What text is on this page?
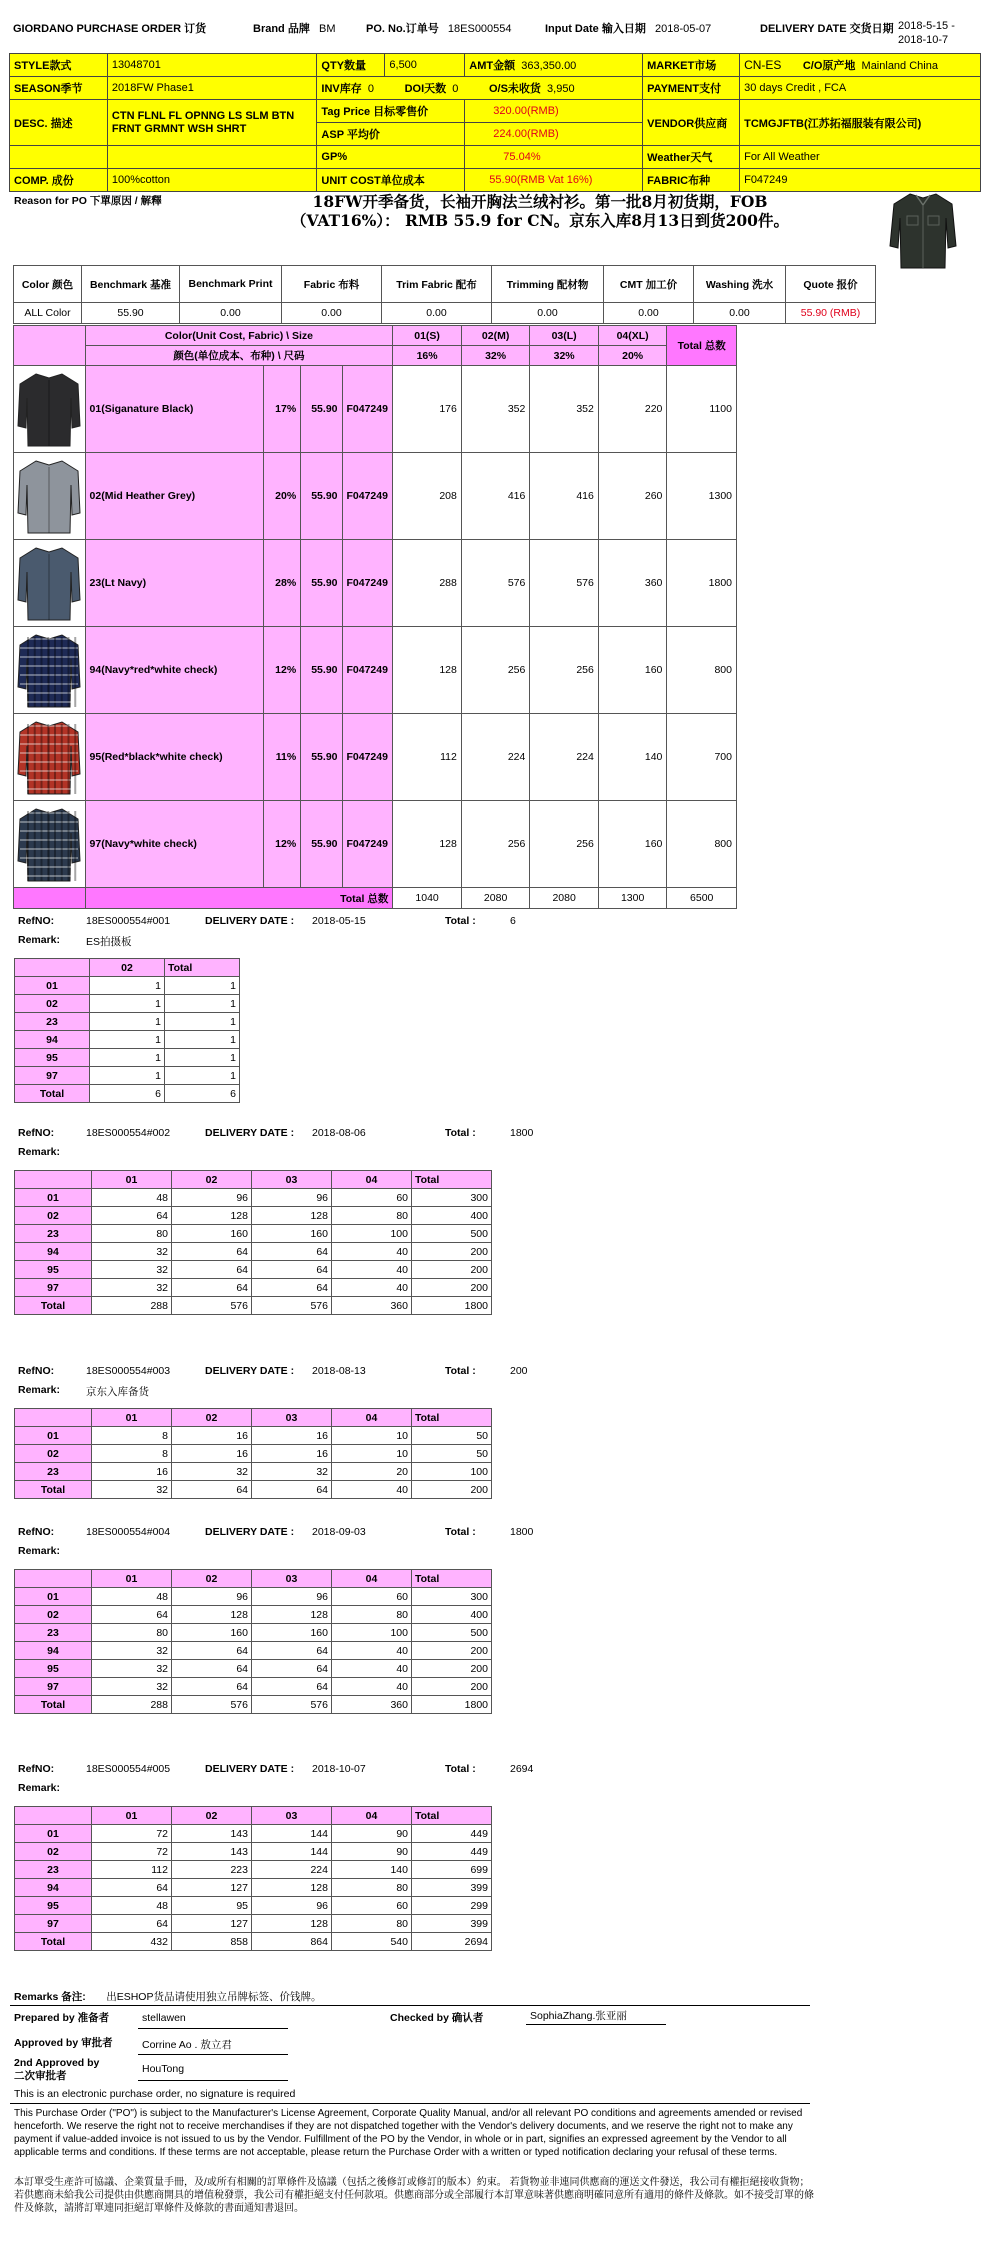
GIORDANO PURCHASE ORDER 订货	Brand 品牌 BM	PO. No.订单号 18ES000554	Input Date 输入日期 2018-05-07	DELIVERY DATE 交货日期 2018-5-15 -
2018-10-7
STYLE款式	13048701	QTY数量	6,500	AMT金额 363,350.00	MARKET市场	CN-ES C/O原产地 Mainland China
SEASON季节	2018FW Phase1	INV库存 0 DOI天数 0 O/S未收货 3,950			PAYMENT支付	30 days Credit , FCA
DESC. 描述	CTN FLNL FL OPNNG LS SLM BTN
FRNT GRMNT WSH SHRT	Tag Price 目标零售价		320.00(RMB)	VENDOR供应商	TCMGJFTB(江苏拓福服装有限公司)
		ASP 平均价		224.00(RMB)		
		GP%		75.04%	Weather天气	For All Weather
COMP. 成份	100%cotton	UNIT COST单位成本		55.90(RMB Vat 16%)	FABRIC布种	F047249
Reason for PO 下單原因 / 解釋	18FW开季备货，长袖开胸法兰绒衬衫。第一批8月初货期，FOB
（VAT16%）： RMB 55.9 for CN。京东入库8月13日到货200件。
Color 颜色	Benchmark 基准	Benchmark Print	Fabric 布料	Trim Fabric 配布	Trimming 配材物	CMT 加工价	Washing 洗水	Quote 报价
ALL Color	55.90	0.00	0.00	0.00	0.00	0.00	0.00	55.90 (RMB)
	Color(Unit Cost, Fabric) \ Size				01(S)	02(M)	03(L)	04(XL)	Total 总数
	颜色(单位成本、布种) \ 尺码				16%	32%	32%	20%	

	01(Siganature Black)	17%	55.90	F047249	176	352	352	220	1100

	02(Mid Heather Grey)	20%	55.90	F047249	208	416	416	260	1300

	23(Lt Navy)	28%	55.90	F047249	288	576	576	360	1800

	94(Navy*red*white check)	12%	55.90	F047249	128	256	256	160	800

	95(Red*black*white check)	11%	55.90	F047249	112	224	224	140	700

	97(Navy*white check)	12%	55.90	F047249	128	256	256	160	800
	Total 总数				1040	2080	2080	1300	6500
RefNO:	18ES000554#001	DELIVERY DATE : 2018-05-15	Total :	6
Remark: ES拍摄板
	02	Total
01	1	1
02	1	1
23	1	1
94	1	1
95	1	1
97	1	1
Total	6	6
RefNO:	18ES000554#002	DELIVERY DATE : 2018-08-06	Total :	1800
Remark:
	01	02	03	04	Total
01	48	96	96	60	300
02	64	128	128	80	400
23	80	160	160	100	500
94	32	64	64	40	200
95	32	64	64	40	200
97	32	64	64	40	200
Total	288	576	576	360	1800
RefNO:	18ES000554#003	DELIVERY DATE : 2018-08-13	Total :	200
Remark: 京东入库备货
	01	02	03	04	Total
01	8	16	16	10	50
02	8	16	16	10	50
23	16	32	32	20	100
Total	32	64	64	40	200
RefNO:	18ES000554#004	DELIVERY DATE : 2018-09-03	Total :	1800
Remark:
	01	02	03	04	Total
01	48	96	96	60	300
02	64	128	128	80	400
23	80	160	160	100	500
94	32	64	64	40	200
95	32	64	64	40	200
97	32	64	64	40	200
Total	288	576	576	360	1800
RefNO:	18ES000554#005	DELIVERY DATE : 2018-10-07	Total :	2694
Remark:
	01	02	03	04	Total
01	72	143	144	90	449
02	72	143	144	90	449
23	112	223	224	140	699
94	64	127	128	80	399
95	48	95	96	60	299
97	64	127	128	80	399
Total	432	858	864	540	2694
Remarks 备注: 出ESHOP货品请使用独立吊牌标签、价钱牌。
Prepared by 准备者	stellawen	Checked by 确认者	SophiaZhang.张亚丽
Approved by 审批者	Corrine Ao . 敖立君
2nd Approved by
二次审批者
HouTong
This is an electronic purchase order, no signature is required
This Purchase Order ("PO") is subject to the Manufacturer's License Agreement, Corporate Quality Manual, and/or all relevant PO conditions and agreements amended or revised henceforth. We reserve the right not to receive merchandises if they are not dispatched together with the Vendor's delivery documents, and we reserve the right not to make any payment if value-added invoice is not issued to us by the Vendor. Fulfillment of the PO by the Vendor, in whole or in part, signifies an expressed agreement by the Vendor to all applicable terms and conditions. If these terms are not acceptable, please return the Purchase Order with a written or typed notification declaring your refusal of these terms.
本訂單受生產許可協議、企業質量手冊，及/或所有相關的訂單條件及協議（包括之後修訂或修訂的版本）約束。 若貨物並非連同供應商的運送文件發送，我公司有權拒絕接收貨物；若供應商未給我公司提供由供應商開具的增值稅發票，我公司有權拒絕支付任何款項。供應商部分或全部履行本訂單意味著供應商明確同意所有適用的條件及條款。如不接受訂單的條件及條款，請將訂單連同拒絕訂單條件及條款的書面通知書退回。
